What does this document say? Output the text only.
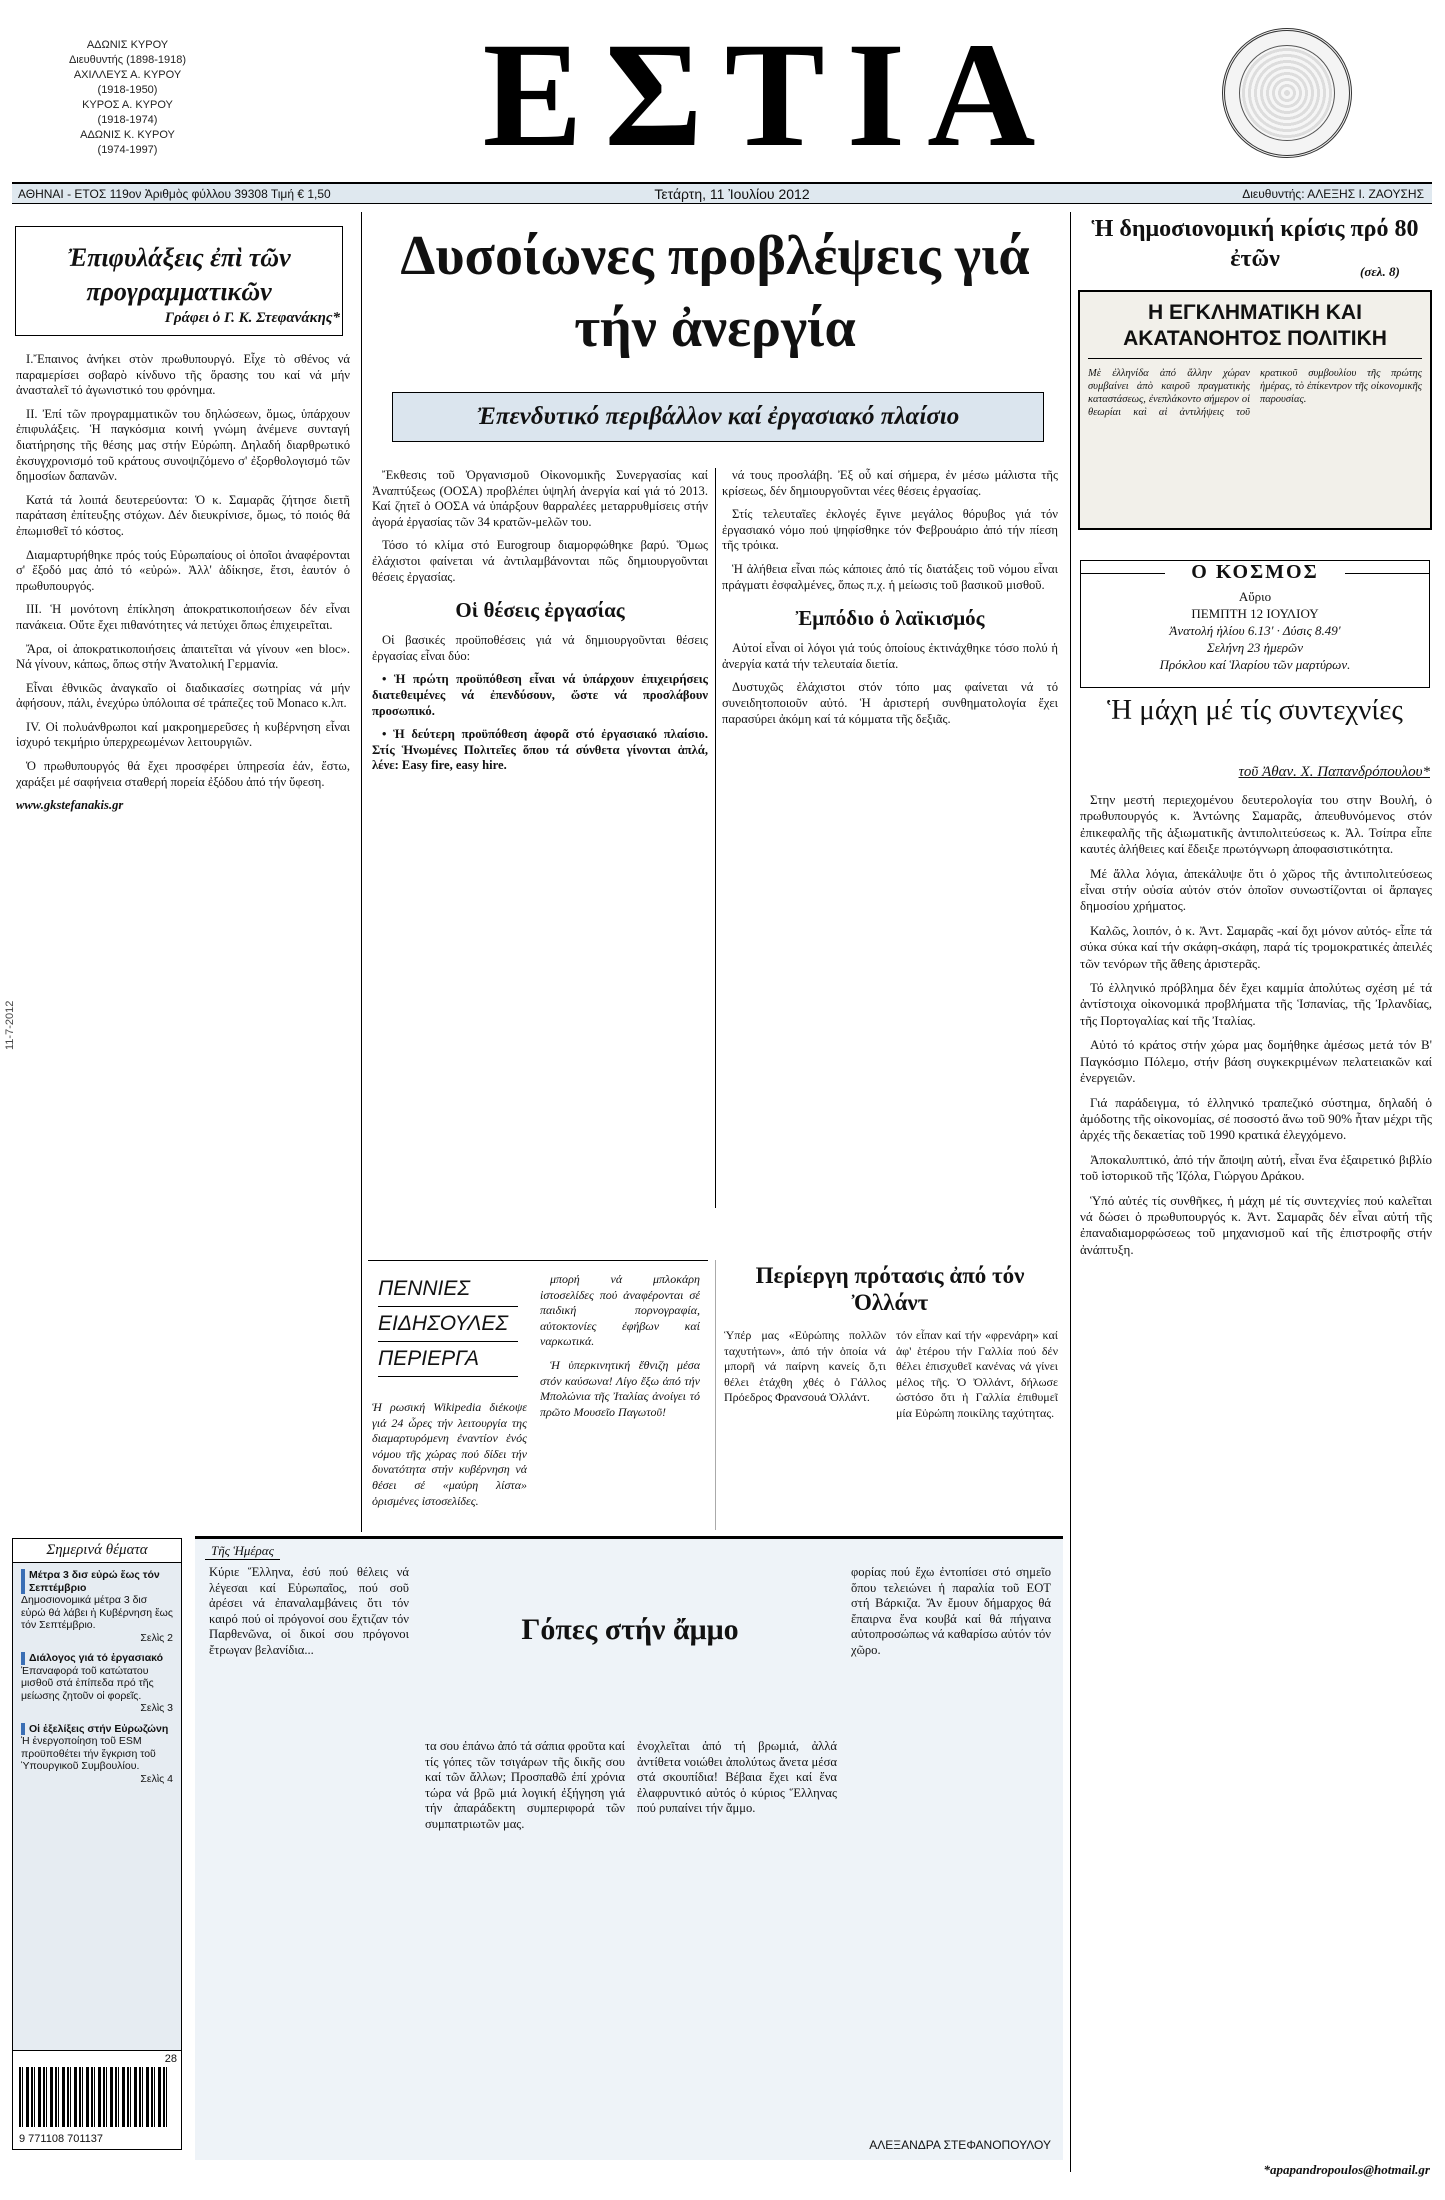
ΑΔΩΝΙΣ ΚΥΡΟΥ
Διευθυντής (1898-1918)
ΑΧΙΛΛΕΥΣ Α. ΚΥΡΟΥ
(1918-1950)
ΚΥΡΟΣ Α. ΚΥΡΟΥ
(1918-1974)
ΑΔΩΝΙΣ Κ. ΚΥΡΟΥ
(1974-1997)	ΕΣΤΙΑ
ΑΘΗΝΑΙ - ΕΤΟΣ 119ον Ἀριθμὸς φύλλου 39308 Τιμή € 1,50	Τετάρτη, 11 Ἰουλίου 2012	Διευθυντής: ΑΛΕΞΗΣ Ι. ΖΑΟΥΣΗΣ
Ἐπιφυλάξεις ἐπὶ τῶν προγραμματικῶν
Γράφει ὁ Γ. Κ. Στεφανάκης*

Ι.Ἔπαινος ἀνήκει στὸν πρωθυπουργό. Εἶχε τὸ σθένος νά παραμερίσει σοβαρὸ κίνδυνο τῆς ὅρασης του καί νά μήν ἀνασταλεῖ τό ἀγωνιστικό του φρόνημα.

ΙΙ. Ἐπί τῶν προγραμματικῶν του δηλώσεων, ὅμως, ὑπάρχουν ἐπιφυλάξεις. Ἡ παγκόσμια κοινή γνώμη ἀνέμενε συνταγή διατήρησης τῆς θέσης μας στήν Εὐρώπη. Δηλαδή διαρθρωτικό ἐκσυγχρονισμό τοῦ κράτους συνοψιζόμενο σ' ἐξορθολογισμό τῶν δημοσίων δαπανῶν.

Κατά τά λοιπά δευτερεύοντα: Ὁ κ. Σαμαρᾶς ζήτησε διετῆ παράταση ἐπίτευξης στόχων. Δέν διευκρίνισε, ὅμως, τό ποιός θά ἐπωμισθεῖ τό κόστος.

Διαμαρτυρήθηκε πρός τούς Εὐρωπαίους οἱ ὁποῖοι ἀναφέρονται σ' ἔξοδό μας ἀπό τό «εὐρώ». Ἀλλ' ἀδίκησε, ἔτσι, ἑαυτόν ὁ πρωθυπουργός.

ΙΙΙ. Ἡ μονότονη ἐπίκληση ἀποκρατικοποιήσεων δέν εἶναι πανάκεια. Οὔτε ἔχει πιθανότητες νά πετύχει ὅπως ἐπιχειρεῖται.

Ἄρα, οἱ ἀποκρατικοποιήσεις ἀπαιτεῖται νά γίνουν «en bloc». Νά γίνουν, κάπως, ὅπως στήν Ἀνατολική Γερμανία.

Εἶναι ἐθνικῶς ἀναγκαῖο οἱ διαδικασίες σωτηρίας νά μήν ἀφήσουν, πάλι, ἐνεχύρω ὑπόλοιπα σέ τράπεζες τοῦ Monaco κ.λπ.

IV. Οἱ πολυάνθρωποι καί μακροημερεῦσες ἡ κυβέρνηση εἶναι ἰσχυρό τεκμήριο ὑπερχρεωμένων λειτουργιῶν.

Ὁ πρωθυπουργός θά ἔχει προσφέρει ὑπηρεσία ἐάν, ἔστω, χαράξει μέ σαφήνεια σταθερή πορεία ἐξόδου ἀπό τήν ὕφεση.

www.gkstefanakis.gr

11-7-2012
Σημερινά θέματα
Μέτρα 3 δισ εὐρώ ἕως τόν Σεπτέμβριο
Δημοσιονομικά μέτρα 3 δισ εὐρώ θά λάβει ἡ Κυβέρνηση ἕως τόν Σεπτέμβριο.
Σελὶς 2
Διάλογος γιά τό ἐργασιακό
Ἐπαναφορά τοῦ κατώτατου μισθοῦ στά ἐπίπεδα πρό τῆς μείωσης ζητοῦν οἱ φορεῖς.
Σελὶς 3
Οἱ ἐξελίξεις στήν Εὐρωζώνη
Ἡ ἐνεργοποίηση τοῦ ESM προϋποθέτει τήν ἔγκριση τοῦ Ὑπουργικοῦ Συμβουλίου.
Σελὶς 4
28
9 771108 701137
Δυσοίωνες προβλέψεις γιά τήν ἀνεργία
Ἐπενδυτικό περιβάλλον καί ἐργασιακό πλαίσιο

Ἔκθεσις τοῦ Ὀργανισμοῦ Οἰκονομικῆς Συνεργασίας καί Ἀναπτύξεως (ΟΟΣΑ) προβλέπει ὑψηλή ἀνεργία καί γιά τό 2013. Καί ζητεῖ ὁ ΟΟΣΑ νά ὑπάρξουν θαρραλέες μεταρρυθμίσεις στήν ἀγορά ἐργασίας τῶν 34 κρατῶν-μελῶν του.

Τόσο τό κλίμα στό Eurogroup διαμορφώθηκε βαρύ. Ὅμως ἐλάχιστοι φαίνεται νά ἀντιλαμβάνονται πῶς δημιουργοῦνται θέσεις ἐργασίας.

Οἱ θέσεις ἐργασίας

Οἱ βασικές προϋποθέσεις γιά νά δημιουργοῦνται θέσεις ἐργασίας εἶναι δύο:

• Ἡ πρώτη προϋπόθεση εἶναι νά ὑπάρχουν ἐπιχειρήσεις διατεθειμένες νά ἐπενδύσουν, ὥστε νά προσλάβουν προσωπικό.

• Ἡ δεύτερη προϋπόθεση ἀφορᾶ στό ἐργασιακό πλαίσιο. Στίς Ἡνωμένες Πολιτεῖες ὅπου τά σύνθετα γίνονται ἁπλά, λένε: Easy fire, easy hire.

νά τους προσλάβη. Ἐξ οὗ καί σήμερα, ἐν μέσω μάλιστα τῆς κρίσεως, δέν δημιουργοῦνται νέες θέσεις ἐργασίας.

Στίς τελευταῖες ἐκλογές ἔγινε μεγάλος θόρυβος γιά τόν ἐργασιακό νόμο πού ψηφίσθηκε τόν Φεβρουάριο ἀπό τήν πίεση τῆς τρόικα.

Ἡ ἀλήθεια εἶναι πώς κάποιες ἀπό τίς διατάξεις τοῦ νόμου εἶναι πράγματι ἐσφαλμένες, ὅπως π.χ. ἡ μείωσις τοῦ βασικοῦ μισθοῦ.

Ἐμπόδιο ὁ λαϊκισμός

Αὐτοί εἶναι οἱ λόγοι γιά τούς ὁποίους ἐκτινάχθηκε τόσο πολύ ἡ ἀνεργία κατά τήν τελευταία διετία.

Δυστυχῶς ἐλάχιστοι στόν τόπο μας φαίνεται νά τό συνειδητοποιοῦν αὐτό. Ἡ ἀριστερή συνθηματολογία ἔχει παρασύρει ἀκόμη καί τά κόμματα τῆς δεξιᾶς.

ΠΕΝΝΙΕΣ
ΕΙΔΗΣΟΥΛΕΣ
ΠΕΡΙΕΡΓΑ
Ἡ ρωσική Wikipedia διέκοψε γιά 24 ὧρες τήν λειτουργία της διαμαρτυρόμενη ἐναντίον ἑνός νόμου τῆς χώρας πού δίδει τήν δυνατότητα στήν κυβέρνηση νά θέσει σέ «μαύρη λίστα» ὁρισμένες ἱστοσελίδες.

μπορή νά μπλοκάρη ἱστοσελίδες πού ἀναφέρονται σέ παιδική πορνογραφία, αὐτοκτονίες ἐφήβων καί ναρκωτικά.

Ἡ ὑπερκινητική ἔθνιζη μέσα στόν καύσωνα! Λίγο ἔξω ἀπό τήν Μπολώνια τῆς Ἰταλίας ἀνοίγει τό πρῶτο Μουσεῖο Παγωτοῦ!

Περίεργη πρότασις ἀπό τόν Ὀλλάντ
Ὑπέρ μας «Εὐρώπης πολλῶν ταχυτήτων», ἀπό τήν ὁποία νά μπορῆ νά παίρνη κανείς ὅ,τι θέλει ἐτάχθη χθές ὁ Γάλλος Πρόεδρος Φρανσουά Ὀλλάντ.
τόν εἶπαν καί τήν «φρενάρη» καί ἀφ' ἑτέρου τήν Γαλλία πού δέν θέλει ἐπισχυθεῖ κανένας νά γίνει μέλος τῆς. Ὁ Ὀλλάντ, δήλωσε ὡστόσο ὅτι ἡ Γαλλία ἐπιθυμεῖ μία Εὐρώπη ποικίλης ταχύτητας.
Τῆς Ἡμέρας
Κύριε Ἕλληνα, ἐσύ πού θέλεις νά λέγεσαι καί Εὐρωπαῖος, πού σοῦ ἀρέσει νά ἐπαναλαμβάνεις ὅτι τόν καιρό πού οἱ πρόγονοί σου ἔχτιζαν τόν Παρθενῶνα, οἱ δικοί σου πρόγονοι ἔτρωγαν βελανίδια...
Γόπες στήν ἄμμο
τα σου ἐπάνω ἀπό τά σάπια φροῦτα καί τίς γόπες τῶν τσιγάρων τῆς δικῆς σου καί τῶν ἄλλων; Προσπαθῶ ἐπί χρόνια τώρα νά βρῶ μιά λογική ἐξήγηση γιά τήν ἀπαράδεκτη συμπεριφορά τῶν συμπατριωτῶν μας.
ἐνοχλεῖται ἀπό τή βρωμιά, ἀλλά ἀντίθετα νοιώθει ἀπολύτως ἄνετα μέσα στά σκουπίδια! Βέβαια ἔχει καί ἕνα ἐλαφρυντικό αὐτός ὁ κύριος Ἕλληνας πού ρυπαίνει τήν ἄμμο.
φορίας πού ἔχω ἐντοπίσει στό σημεῖο ὅπου τελειώνει ἡ παραλία τοῦ ΕΟΤ στή Βάρκιζα. Ἄν ἔμουν δήμαρχος θά ἔπαιρνα ἕνα κουβά καί θά πήγαινα αὐτοπροσώπως νά καθαρίσω αὐτόν τόν χῶρο.
ΑΛΕΞΑΝΔΡΑ ΣΤΕΦΑΝΟΠΟΥΛΟΥ
Ἡ δημοσιονομική κρίσις πρό 80 ἐτῶν	(σελ. 8)
Η ΕΓΚΛΗΜΑΤΙΚΗ ΚΑΙ ΑΚΑΤΑΝΟΗΤΟΣ ΠΟΛΙΤΙΚΗ
Μὲ ἐλληνίδα ἀπό ἄλλην χώραν συμβαίνει ἀπὸ καιροῦ πραγματικὴς καταστάσεως, ἐνεπλάκοντο σήμερον οἱ θεωρίαι καὶ αἱ ἀντιλήψεις τοῦ κρατικοῦ συμβουλίου τῆς πρώτης ἡμέρας, τὸ ἐπίκεντρον τῆς οἰκονομικῆς παρουσίας.
Ο ΚΟΣΜΟΣ
Αὔριο
ΠΕΜΠΤΗ 12 ΙΟΥΛΙΟΥ
Ἀνατολή ἡλίου 6.13' · Δύσις 8.49'
Σελήνη 23 ἡμερῶν
Πρόκλου καί Ἱλαρίου τῶν μαρτύρων.
Ἡ μάχη μέ τίς συντεχνίες
τοῦ Ἀθαν. Χ. Παπανδρόπουλου*

Στην μεστή περιεχομένου δευτερολογία του στην Βουλή, ὁ πρωθυπουργός κ. Ἀντώνης Σαμαρᾶς, ἀπευθυνόμενος στόν ἐπικεφαλῆς τῆς ἀξιωματικῆς ἀντιπολιτεύσεως κ. Ἀλ. Τσίπρα εἶπε καυτές ἀλήθειες καί ἔδειξε πρωτόγνωρη ἀποφασιστικότητα.

Μέ ἄλλα λόγια, ἀπεκάλυψε ὅτι ὁ χῶρος τῆς ἀντιπολιτεύσεως εἶναι στήν οὐσία αὐτόν στόν ὁποῖον συνωστίζονται οἱ ἄρπαγες δημοσίου χρήματος.

Καλῶς, λοιπόν, ὁ κ. Ἀντ. Σαμαρᾶς -καί ὄχι μόνον αὐτός- εἶπε τά σύκα σύκα καί τήν σκάφη-σκάφη, παρά τίς τρομοκρατικές ἀπειλές τῶν τενόρων τῆς ἄθεης ἀριστερᾶς.

Τό ἑλληνικό πρόβλημα δέν ἔχει καμμία ἀπολύτως σχέση μέ τά ἀντίστοιχα οἰκονομικά προβλήματα τῆς Ἱσπανίας, τῆς Ἰρλανδίας, τῆς Πορτογαλίας καί τῆς Ἰταλίας.

Αὐτό τό κράτος στήν χώρα μας δομήθηκε ἀμέσως μετά τόν Β' Παγκόσμιο Πόλεμο, στήν βάση συγκεκριμένων πελατειακῶν καί ἐνεργειῶν.

Γιά παράδειγμα, τό ἑλληνικό τραπεζικό σύστημα, δηλαδή ὁ ἀμόδοτης τῆς οἰκονομίας, σέ ποσοστό ἄνω τοῦ 90% ἦταν μέχρι τῆς ἀρχές τῆς δεκαετίας τοῦ 1990 κρατικά ἐλεγχόμενο.

Ἀποκαλυπτικό, ἀπό τήν ἄποψη αὐτή, εἶναι ἕνα ἐξαιρετικό βιβλίο τοῦ ἱστορικοῦ τῆς Ἰζόλα, Γιώργου Δράκου.

Ὑπό αὐτές τίς συνθῆκες, ἡ μάχη μέ τίς συντεχνίες πού καλεῖται νά δώσει ὁ πρωθυπουργός κ. Ἀντ. Σαμαρᾶς δέν εἶναι αὐτή τῆς ἐπαναδιαμορφώσεως τοῦ μηχανισμοῦ καί τῆς ἐπιστροφῆς στήν ἀνάπτυξη.

*apapandropoulos@hotmail.gr
